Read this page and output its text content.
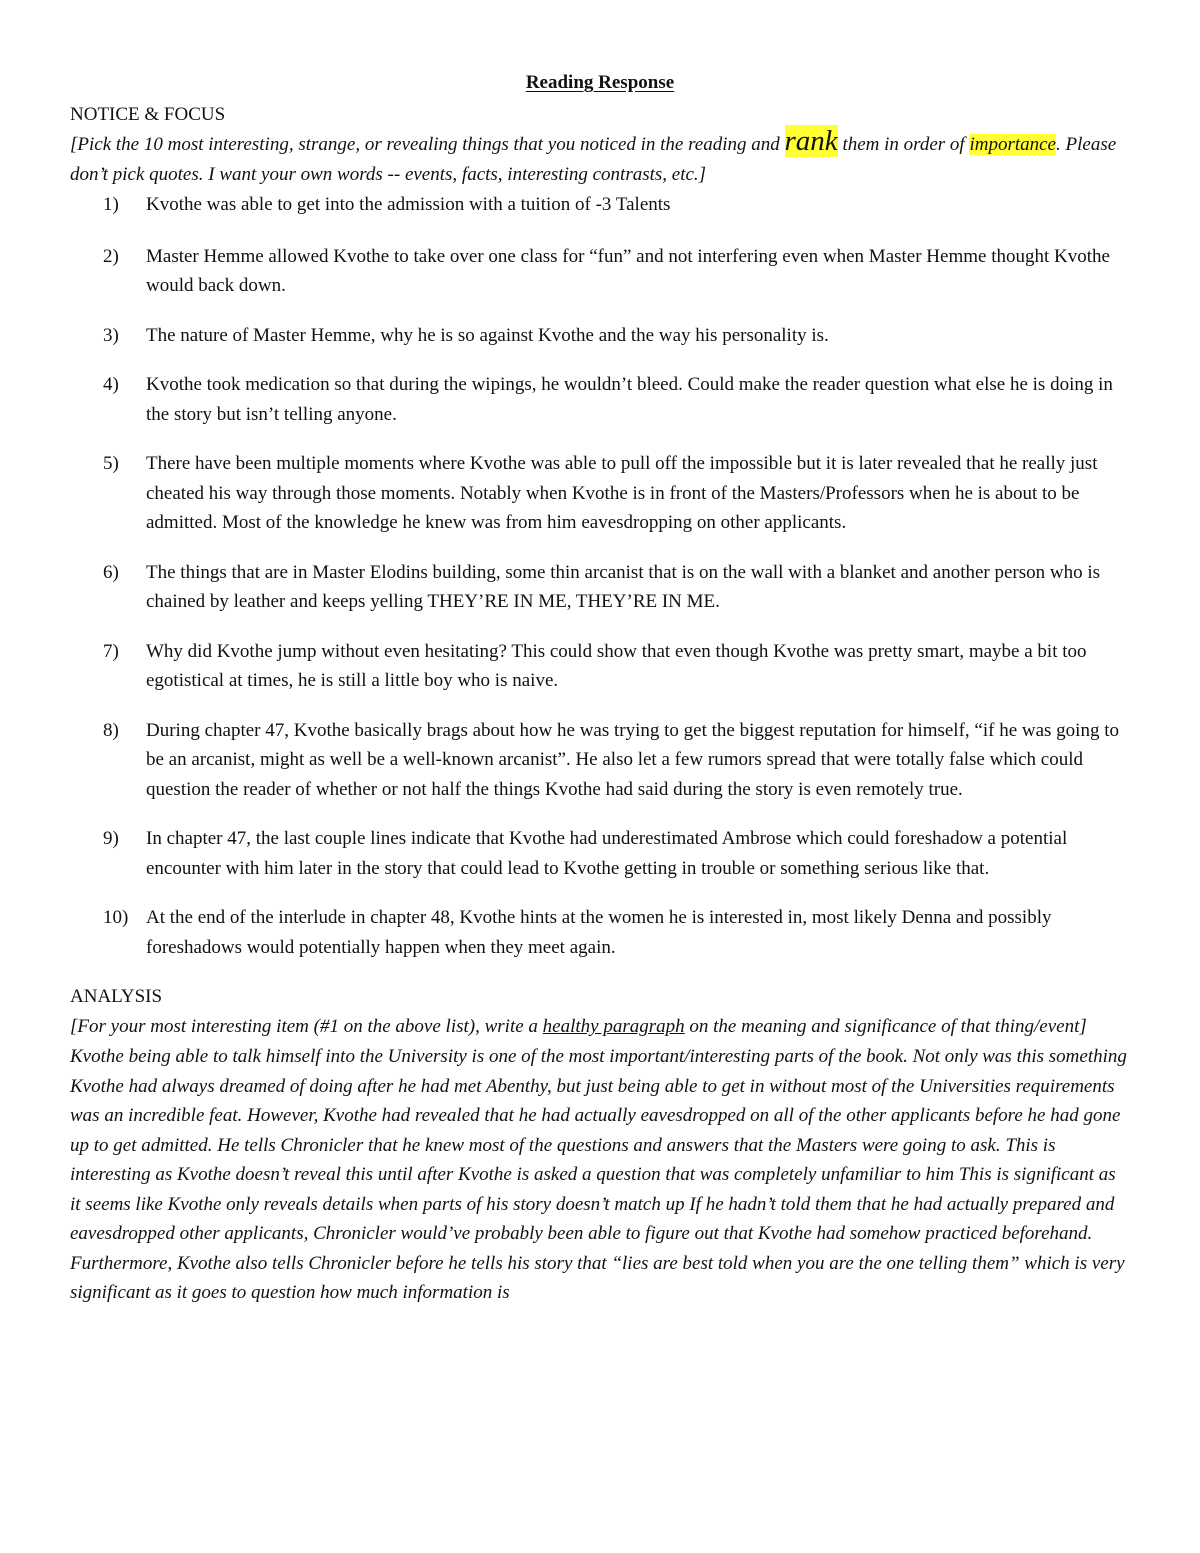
Reading Response

NOTICE & FOCUS

[Pick the 10 most interesting, strange, or revealing things that you noticed in the reading and rank them in order of importance. Please don’t pick quotes. I want your own words -- events, facts, interesting contrasts, etc.]

1)	Kvothe was able to get into the admission with a tuition of -3 Talents
2)	Master Hemme allowed Kvothe to take over one class for “fun” and not interfering even when Master Hemme thought Kvothe would back down.
3)	The nature of Master Hemme, why he is so against Kvothe and the way his personality is.
4)	Kvothe took medication so that during the wipings, he wouldn’t bleed. Could make the reader question what else he is doing in the story but isn’t telling anyone.
5)	There have been multiple moments where Kvothe was able to pull off the impossible but it is later revealed that he really just cheated his way through those moments. Notably when Kvothe is in front of the Masters/Professors when he is about to be admitted. Most of the knowledge he knew was from him eavesdropping on other applicants.
6)	The things that are in Master Elodins building, some thin arcanist that is on the wall with a blanket and another person who is chained by leather and keeps yelling THEY’RE IN ME, THEY’RE IN ME.
7)	Why did Kvothe jump without even hesitating? This could show that even though Kvothe was pretty smart, maybe a bit too egotistical at times, he is still a little boy who is naive.
8)	During chapter 47, Kvothe basically brags about how he was trying to get the biggest reputation for himself, “if he was going to be an arcanist, might as well be a well-known arcanist”. He also let a few rumors spread that were totally false which could question the reader of whether or not half the things Kvothe had said during the story is even remotely true.
9)	In chapter 47, the last couple lines indicate that Kvothe had underestimated Ambrose which could foreshadow a potential encounter with him later in the story that could lead to Kvothe getting in trouble or something serious like that.
10) At the end of the interlude in chapter 48, Kvothe hints at the women he is interested in, most likely Denna and possibly foreshadows would potentially happen when they meet again.

ANALYSIS

[For your most interesting item (#1 on the above list), write a healthy paragraph on the meaning and significance of that thing/event]

Kvothe being able to talk himself into the University is one of the most important/interesting parts of the book. Not only was this something Kvothe had always dreamed of doing after he had met Abenthy, but just being able to get in without most of the Universities requirements was an incredible feat. However, Kvothe had revealed that he had actually eavesdropped on all of the other applicants before he had gone up to get admitted. He tells Chronicler that he knew most of the questions and answers that the Masters were going to ask. This is interesting as Kvothe doesn’t reveal this until after Kvothe is asked a question that was completely unfamiliar to him This is significant as it seems like Kvothe only reveals details when parts of his story doesn’t match up If he hadn’t told them that he had actually prepared and eavesdropped other applicants, Chronicler would’ve probably been able to figure out that Kvothe had somehow practiced beforehand. Furthermore, Kvothe also tells Chronicler before he tells his story that “lies are best told when you are the one telling them” which is very significant as it goes to question how much information is
